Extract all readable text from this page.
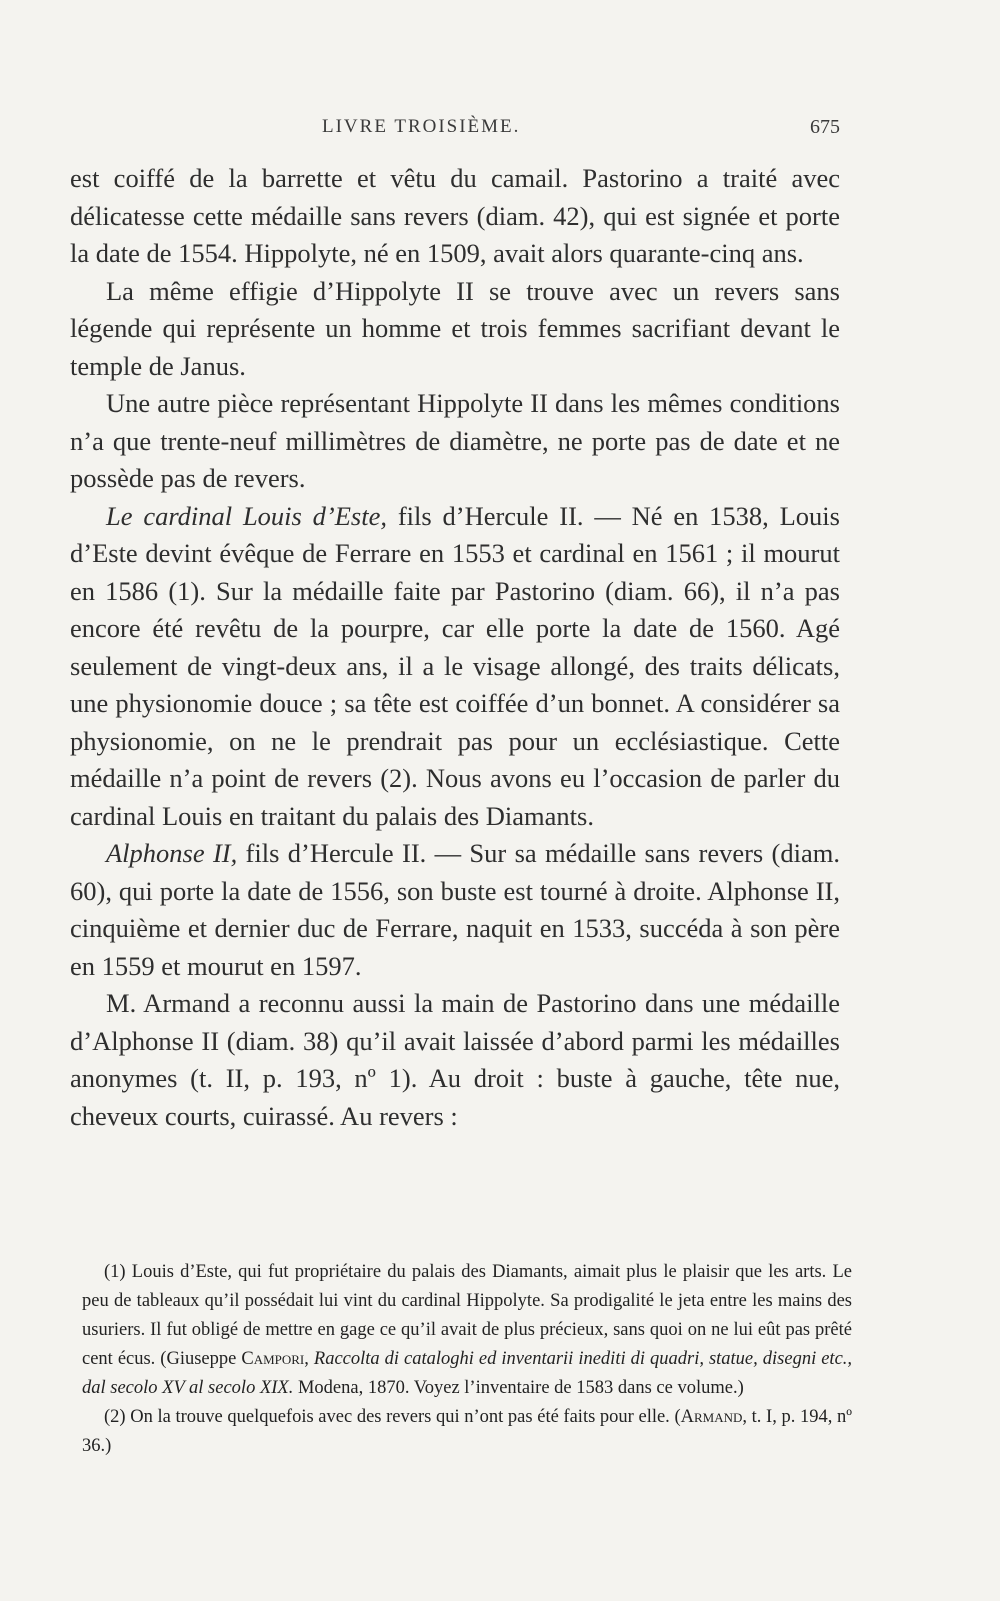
LIVRE TROISIÈME.	675

est coiffé de la barrette et vêtu du camail. Pastorino a traité avec délicatesse cette médaille sans revers (diam. 42), qui est signée et porte la date de 1554. Hippolyte, né en 1509, avait alors quarante-cinq ans.

La même effigie d’Hippolyte II se trouve avec un revers sans légende qui représente un homme et trois femmes sacrifiant devant le temple de Janus.

Une autre pièce représentant Hippolyte II dans les mêmes conditions n’a que trente-neuf millimètres de diamètre, ne porte pas de date et ne possède pas de revers.

Le cardinal Louis d’Este, fils d’Hercule II. — Né en 1538, Louis d’Este devint évêque de Ferrare en 1553 et cardinal en 1561 ; il mourut en 1586 (1). Sur la médaille faite par Pastorino (diam. 66), il n’a pas encore été revêtu de la pourpre, car elle porte la date de 1560. Agé seulement de vingt-deux ans, il a le visage allongé, des traits délicats, une physionomie douce ; sa tête est coiffée d’un bonnet. A considérer sa physionomie, on ne le prendrait pas pour un ecclésiastique. Cette médaille n’a point de revers (2). Nous avons eu l’occasion de parler du cardinal Louis en traitant du palais des Diamants.

Alphonse II, fils d’Hercule II. — Sur sa médaille sans revers (diam. 60), qui porte la date de 1556, son buste est tourné à droite. Alphonse II, cinquième et dernier duc de Ferrare, naquit en 1533, succéda à son père en 1559 et mourut en 1597.

M. Armand a reconnu aussi la main de Pastorino dans une médaille d’Alphonse II (diam. 38) qu’il avait laissée d’abord parmi les médailles anonymes (t. II, p. 193, nº 1). Au droit : buste à gauche, tête nue, cheveux courts, cuirassé. Au revers :

(1) Louis d’Este, qui fut propriétaire du palais des Diamants, aimait plus le plaisir que les arts. Le peu de tableaux qu’il possédait lui vint du cardinal Hippolyte. Sa prodigalité le jeta entre les mains des usuriers. Il fut obligé de mettre en gage ce qu’il avait de plus précieux, sans quoi on ne lui eût pas prêté cent écus. (Giuseppe Campori, Raccolta di cataloghi ed inventarii inediti di quadri, statue, disegni etc., dal secolo XV al secolo XIX. Modena, 1870. Voyez l’inventaire de 1583 dans ce volume.)

(2) On la trouve quelquefois avec des revers qui n’ont pas été faits pour elle. (Armand, t. I, p. 194, nº 36.)
